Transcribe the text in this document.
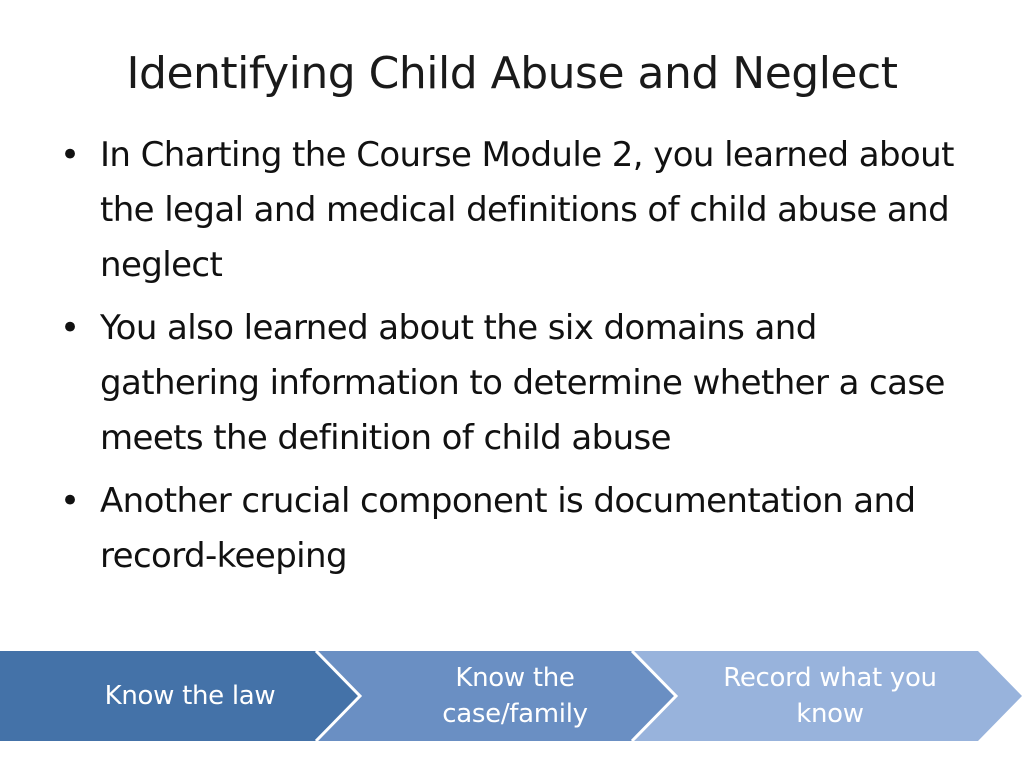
Identifying Child Abuse and Neglect
• In Charting the Course Module 2, you learned about the legal and medical definitions of child abuse and neglect
• You also learned about the six domains and gathering information to determine whether a case meets the definition of child abuse
• Another crucial component is documentation and record-keeping
Know the law
Know the case/family
Record what you know
